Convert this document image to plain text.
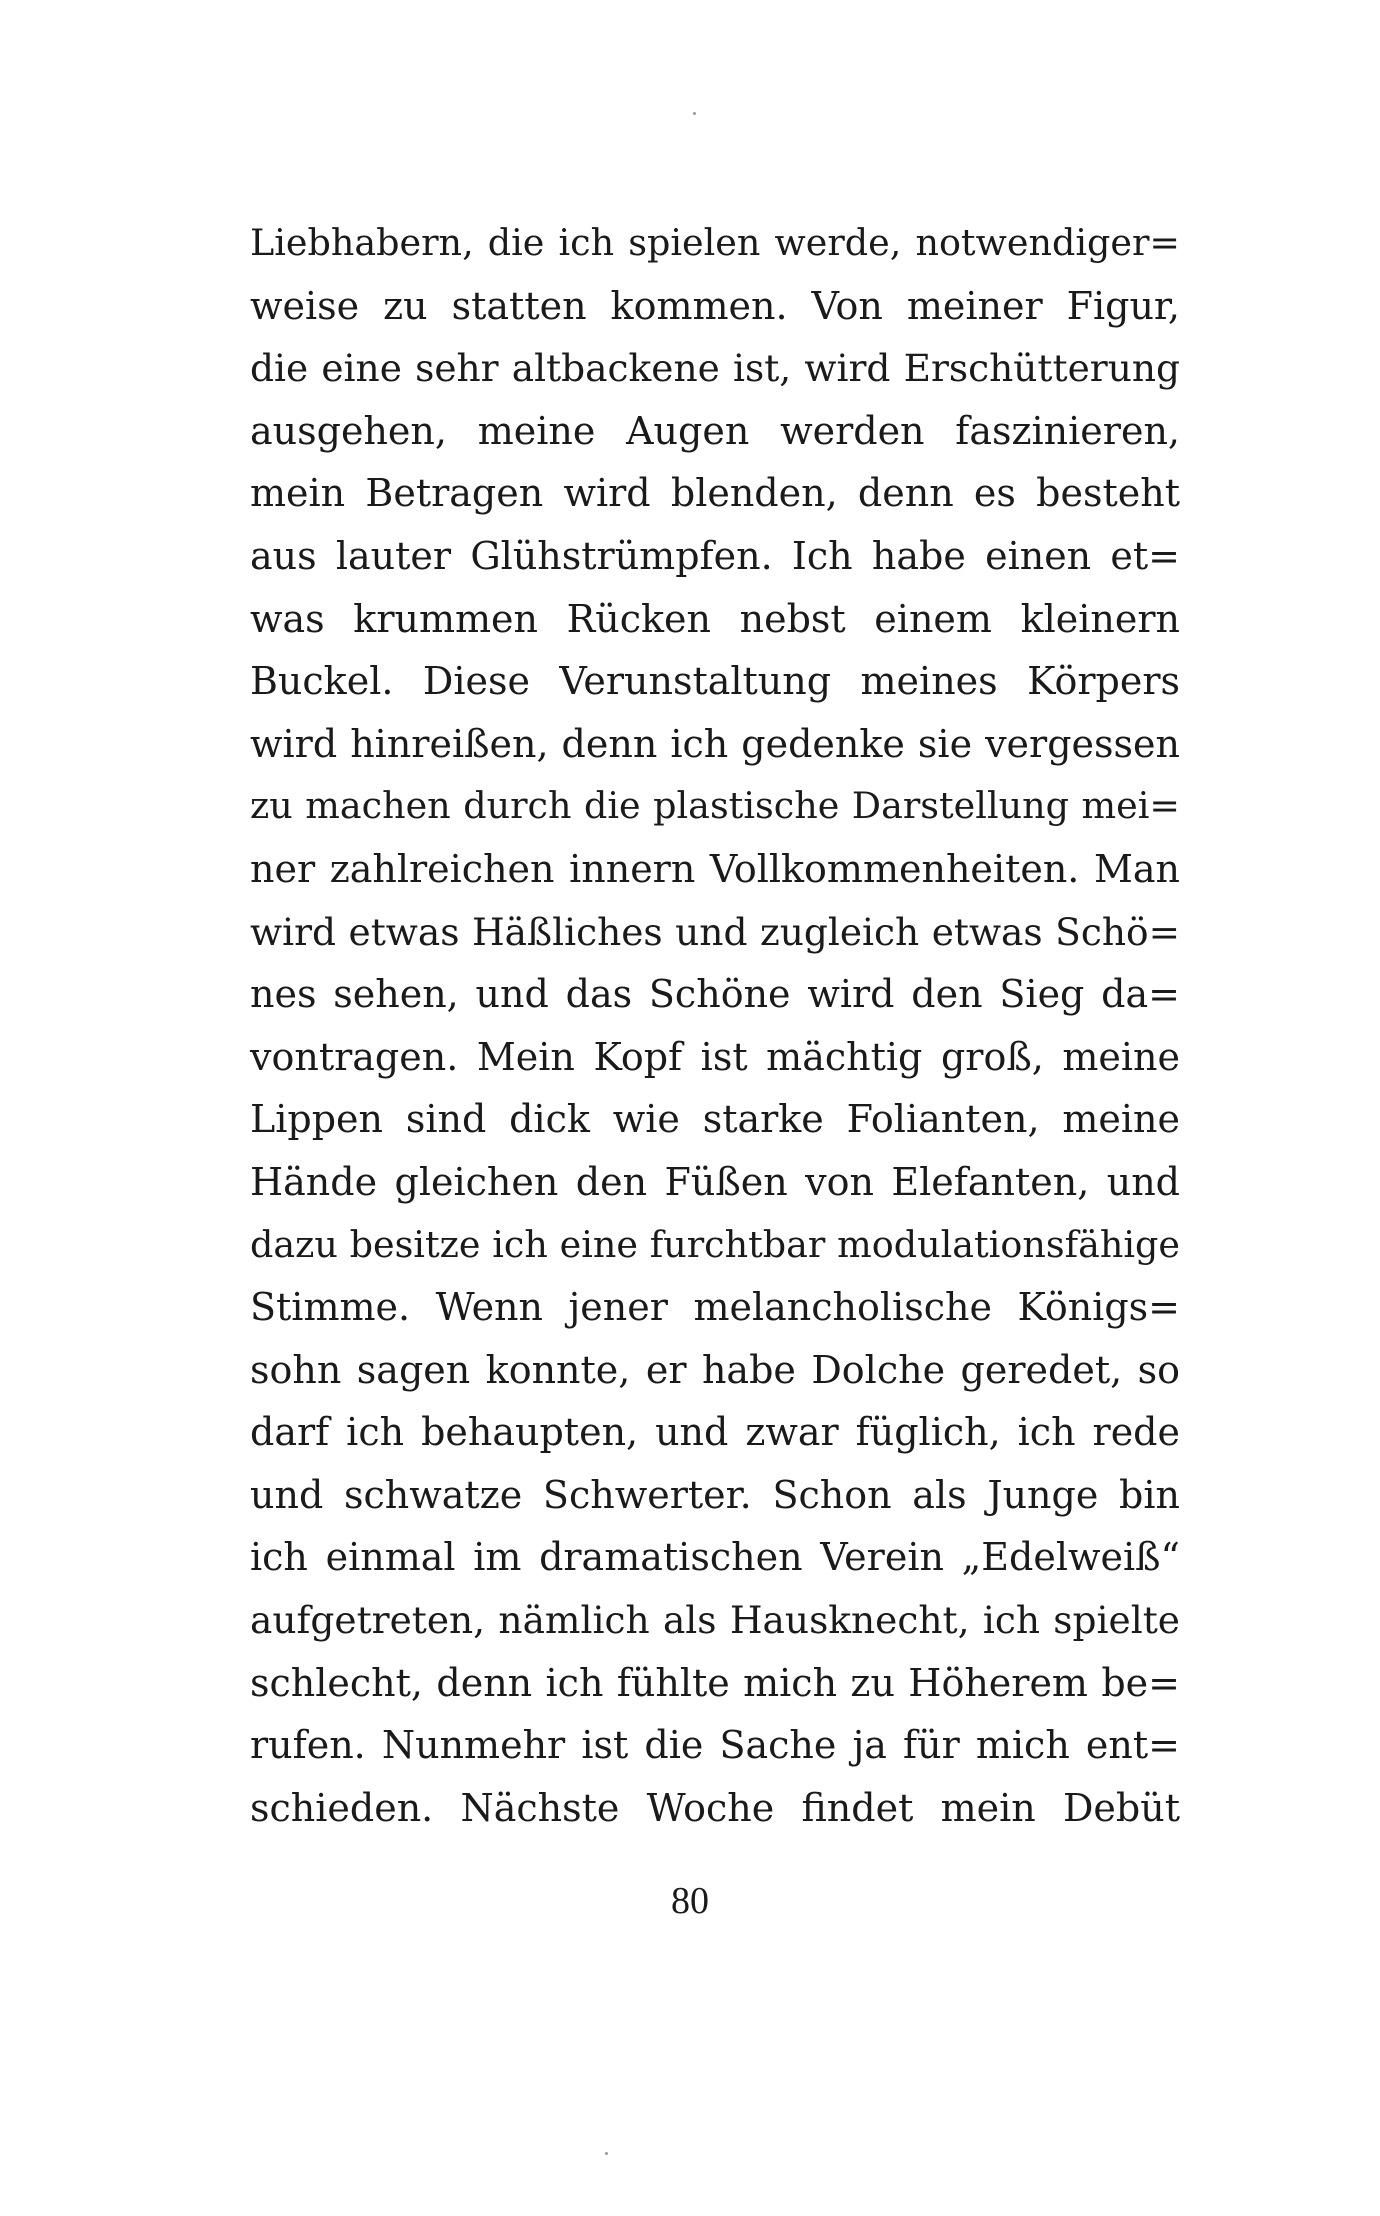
Liebhabern, die ich spielen werde, notwendiger=
weise zu statten kommen. Von meiner Figur,
die eine sehr altbackene ist, wird Erschütterung
ausgehen, meine Augen werden faszinieren,
mein Betragen wird blenden, denn es besteht
aus lauter Glühstrümpfen. Ich habe einen et=
was krummen Rücken nebst einem kleinern
Buckel. Diese Verunstaltung meines Körpers
wird hinreißen, denn ich gedenke sie vergessen
zu machen durch die plastische Darstellung mei=
ner zahlreichen innern Vollkommenheiten. Man
wird etwas Häßliches und zugleich etwas Schö=
nes sehen, und das Schöne wird den Sieg da=
vontragen. Mein Kopf ist mächtig groß, meine
Lippen sind dick wie starke Folianten, meine
Hände gleichen den Füßen von Elefanten, und
dazu besitze ich eine furchtbar modulationsfähige
Stimme. Wenn jener melancholische Königs=
sohn sagen konnte, er habe Dolche geredet, so
darf ich behaupten, und zwar füglich, ich rede
und schwatze Schwerter. Schon als Junge bin
ich einmal im dramatischen Verein „Edelweiß“
aufgetreten, nämlich als Hausknecht, ich spielte
schlecht, denn ich fühlte mich zu Höherem be=
rufen. Nunmehr ist die Sache ja für mich ent=
schieden. Nächste Woche findet mein Debüt
80
